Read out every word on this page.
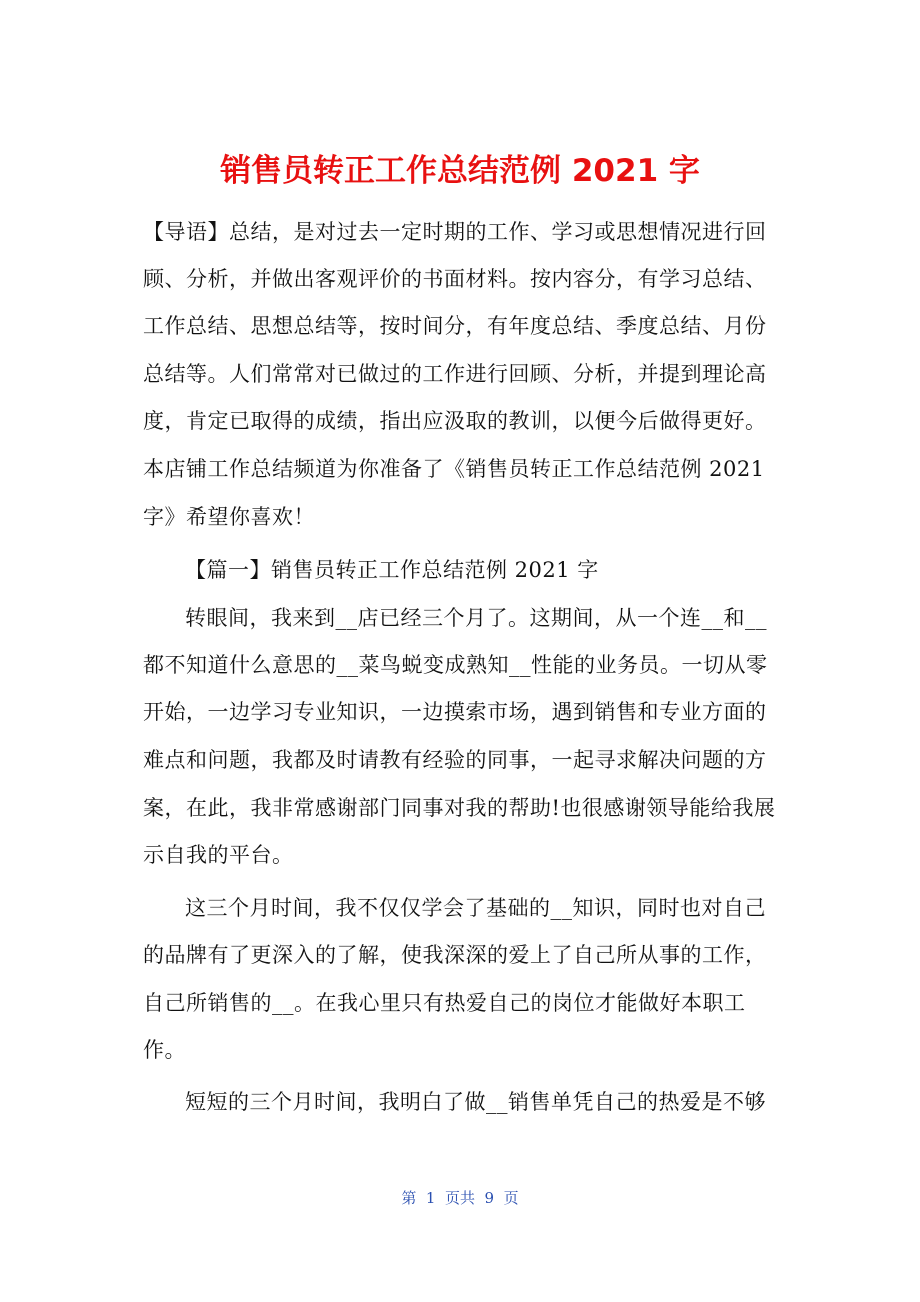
销售员转正工作总结范例 2021 字
【导语】总结，是对过去一定时期的工作、学习或思想情况进行回
顾、分析，并做出客观评价的书面材料。按内容分，有学习总结、
工作总结、思想总结等，按时间分，有年度总结、季度总结、月份
总结等。人们常常对已做过的工作进行回顾、分析，并提到理论高
度，肯定已取得的成绩，指出应汲取的教训，以便今后做得更好。
本店铺工作总结频道为你准备了《销售员转正工作总结范例 2021
字》希望你喜欢！
【篇一】销售员转正工作总结范例 2021 字
转眼间，我来到__店已经三个月了。这期间，从一个连__和__
都不知道什么意思的__菜鸟蜕变成熟知__性能的业务员。一切从零
开始，一边学习专业知识，一边摸索市场，遇到销售和专业方面的
难点和问题，我都及时请教有经验的同事，一起寻求解决问题的方
案，在此，我非常感谢部门同事对我的帮助!也很感谢领导能给我展
示自我的平台。
这三个月时间，我不仅仅学会了基础的__知识，同时也对自己
的品牌有了更深入的了解，使我深深的爱上了自己所从事的工作，
自己所销售的__。在我心里只有热爱自己的岗位才能做好本职工
作。
短短的三个月时间，我明白了做__销售单凭自己的热爱是不够
第  1  页共  9  页
